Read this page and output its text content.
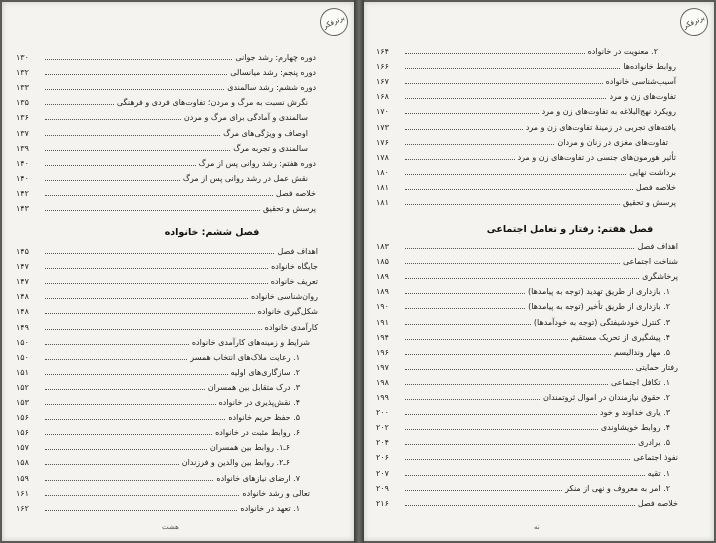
برترفکر
دوره چهارم: رشد جوانی
۱۳۰
دوره پنجم: رشد میانسالی
۱۳۲
دوره ششم: رشد سالمندی
۱۳۳
نگرش نسبت به مرگ و مردن؛ تفاوت‌های فردی و فرهنگی
۱۳۵
سالمندی و آمادگی برای مرگ و مردن
۱۳۶
اوصاف و ویژگی‌های مرگ
۱۳۷
سالمندی و تجربه مرگ
۱۳۹
دوره هفتم: رشد روانی پس از مرگ
۱۴۰
نقش عمل در رشد روانی پس از مرگ
۱۴۰
خلاصه فصل
۱۴۲
پرسش و تحقیق
۱۴۳
فصل ششم: خانواده
اهداف فصل
۱۴۵
جایگاه خانواده
۱۴۷
تعریف خانواده
۱۴۷
روان‌شناسی خانواده
۱۴۸
شکل‌گیری خانواده
۱۴۸
کارآمدی خانواده
۱۴۹
شرایط و زمینه‌های کارآمدی خانواده
۱۵۰
۱. رعایت ملاک‌های انتخاب همسر
۱۵۰
۲. سازگاری‌های اولیه
۱۵۱
۳. درک متقابل بین همسران
۱۵۲
۴. نقش‌پذیری در خانواده
۱۵۳
۵. حفظ حریم خانواده
۱۵۶
۶. روابط مثبت در خانواده
۱۵۶
۶ـ۱. روابط بین همسران
۱۵۷
۶ـ۲. روابط بین والدین و فرزندان
۱۵۸
۷. ارضای نیازهای خانواده
۱۵۹
تعالی و رشد خانواده
۱۶۱
۱. تعهد در خانواده
۱۶۲
هشت
برترفکر
۲. معنویت در خانواده
۱۶۴
روابط خانواده‌ها
۱۶۶
آسیب‌شناسی خانواده
۱۶۷
تفاوت‌های زن و مرد
۱۶۸
رویکرد نهج‌البلاغه به تفاوت‌های زن و مرد
۱۷۰
یافته‌های تجربی در زمینهٔ تفاوت‌های زن و مرد
۱۷۳
تفاوت‌های مغزی در زنان و مردان
۱۷۶
تأثیر هورمون‌های جنسی در تفاوت‌های زن و مرد
۱۷۸
برداشت نهایی
۱۸۰
خلاصه فصل
۱۸۱
پرسش و تحقیق
۱۸۱
فصل هفتم: رفتار و تعامل اجتماعی
اهداف فصل
۱۸۳
شناخت اجتماعی
۱۸۵
پرخاشگری
۱۸۹
۱. بازداری از طریق تهدید (توجه به پیامدها)
۱۸۹
۲. بازداری از طریق تأخیر (توجه به پیامدها)
۱۹۰
۳. کنترل خودشیفتگی (توجه به خودآمدها)
۱۹۱
۴. پیشگیری از تحریک مستقیم
۱۹۴
۵. مهار وندالیسم
۱۹۶
رفتار حمایتی
۱۹۷
۱. تکافل اجتماعی
۱۹۸
۲. حقوق نیازمندان در اموال ثروتمندان
۱۹۹
۳. یاری خداوند و خود
۲۰۰
۴. روابط خویشاوندی
۲۰۲
۵. برادری
۲۰۴
نفوذ اجتماعی
۲۰۶
۱. تقیه
۲۰۷
۲. امر به معروف و نهی از منکر
۲۰۹
خلاصه فصل
۲۱۶
نه
